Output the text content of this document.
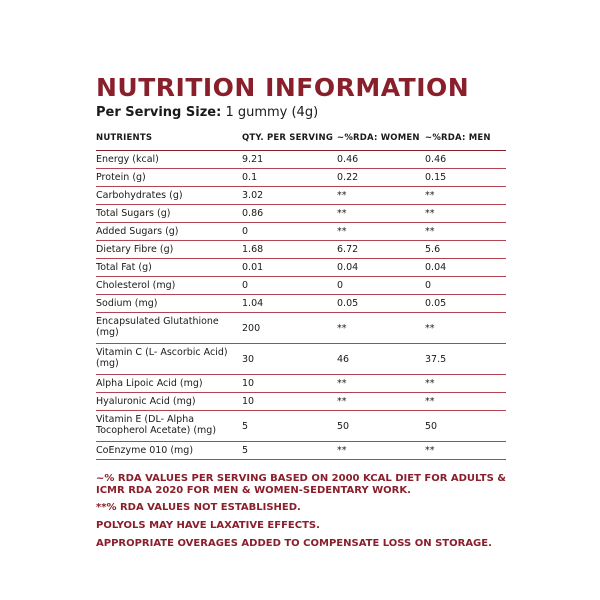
NUTRITION INFORMATION
Per Serving Size: 1 gummy (4g)
NUTRIENTS	QTY. PER SERVING	~%RDA: WOMEN	~%RDA: MEN
Energy (kcal)	9.21	0.46	0.46
Protein (g)	0.1	0.22	0.15
Carbohydrates (g)	3.02	**	**
Total Sugars (g)	0.86	**	**
Added Sugars (g)	0	**	**
Dietary Fibre (g)	1.68	6.72	5.6
Total Fat (g)	0.01	0.04	0.04
Cholesterol (mg)	0	0	0
Sodium (mg)	1.04	0.05	0.05
Encapsulated Glutathione (mg)	200	**	**
Vitamin C (L- Ascorbic Acid) (mg)	30	46	37.5
Alpha Lipoic Acid (mg)	10	**	**
Hyaluronic Acid (mg)	10	**	**
Vitamin E (DL- Alpha Tocopherol Acetate) (mg)	5	50	50
CoEnzyme 010 (mg)	5	**	**
~% RDA VALUES PER SERVING BASED ON 2000 KCAL DIET FOR ADULTS & ICMR RDA 2020 FOR MEN & WOMEN-SEDENTARY WORK.
**% RDA VALUES NOT ESTABLISHED.
POLYOLS MAY HAVE LAXATIVE EFFECTS.
APPROPRIATE OVERAGES ADDED TO COMPENSATE LOSS ON STORAGE.
